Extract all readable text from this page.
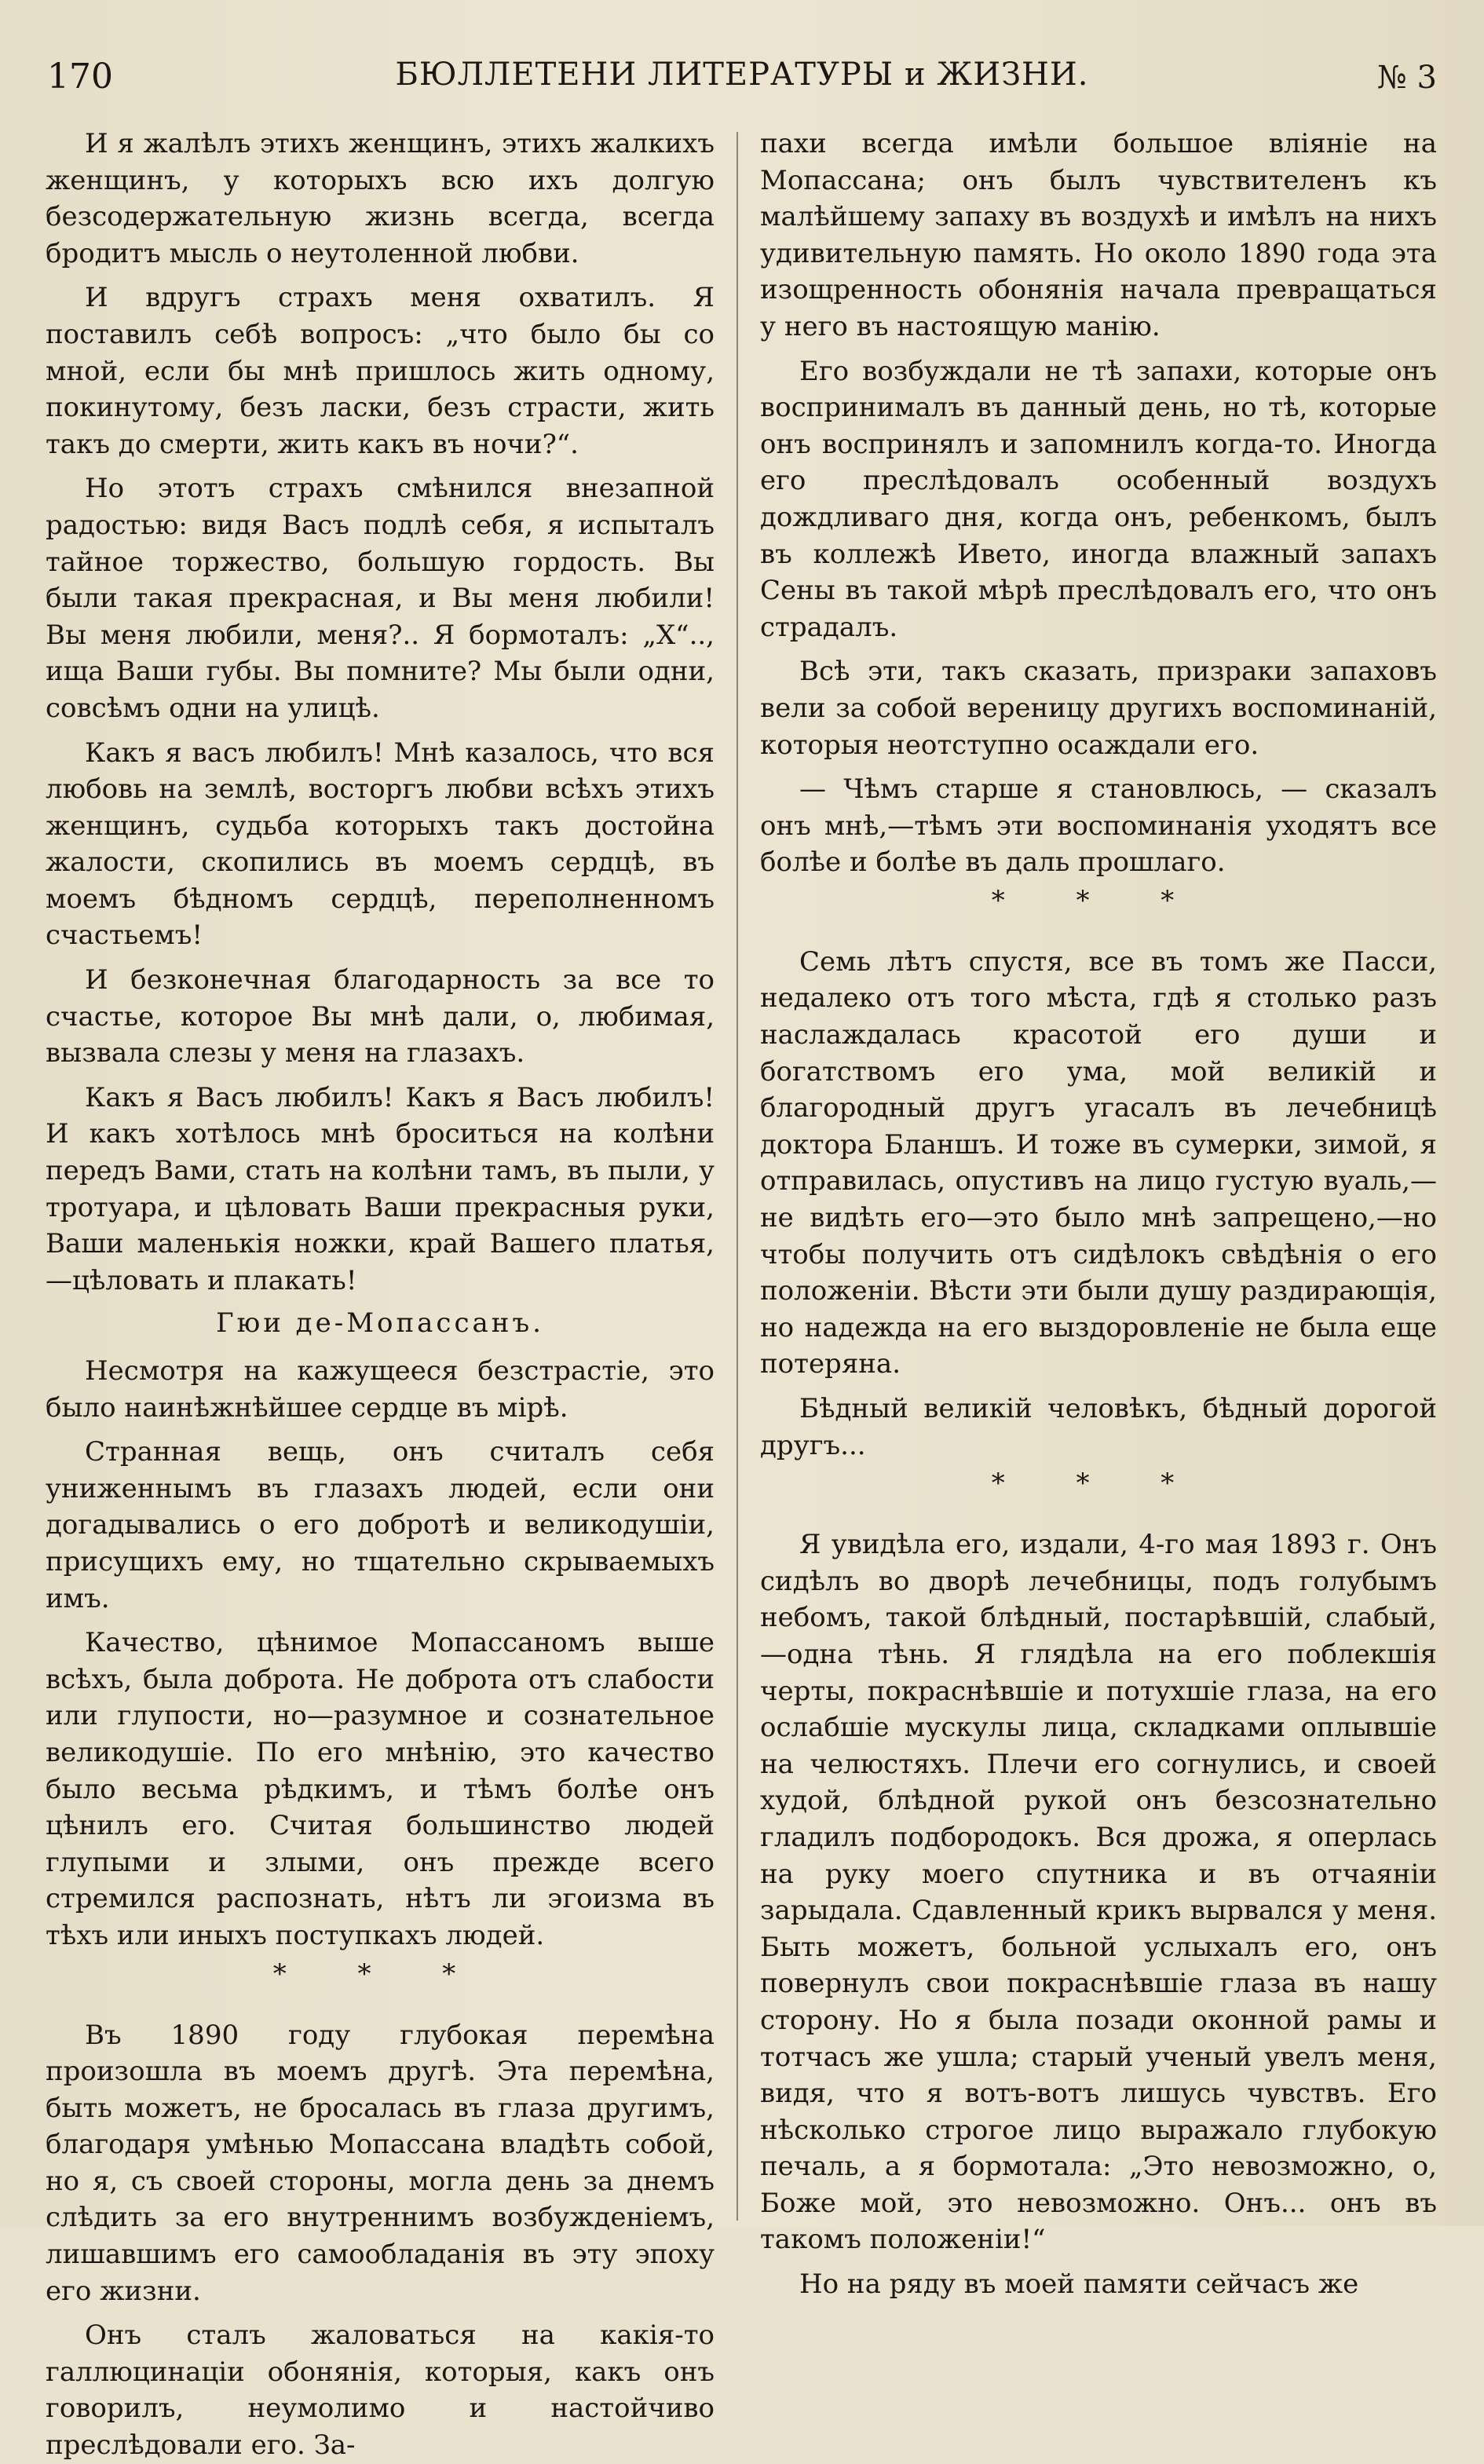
170	БЮЛЛЕТЕНИ ЛИТЕРАТУРЫ и ЖИЗНИ.	№ 3

И я жалѣлъ этихъ женщинъ, этихъ жалкихъ женщинъ, у которыхъ всю ихъ долгую безсодержательную жизнь всегда, всегда бродитъ мысль о неутоленной любви.

И вдругъ страхъ меня охватилъ. Я поставилъ себѣ вопросъ: „что было бы со мной, если бы мнѣ пришлось жить одному, покинутому, безъ ласки, безъ страсти, жить такъ до смерти, жить какъ въ ночи?“.

Но этотъ страхъ смѣнился внезапной радостью: видя Васъ подлѣ себя, я испыталъ тайное торжество, большую гордость. Вы были такая прекрасная, и Вы меня любили! Вы меня любили, меня?.. Я бормоталъ: „X“.., ища Ваши губы. Вы помните? Мы были одни, совсѣмъ одни на улицѣ.

Какъ я васъ любилъ! Мнѣ казалось, что вся любовь на землѣ, восторгъ любви всѣхъ этихъ женщинъ, судьба которыхъ такъ достойна жалости, скопились въ моемъ сердцѣ, въ моемъ бѣдномъ сердцѣ, переполненномъ счастьемъ!

И безконечная благодарность за все то счастье, которое Вы мнѣ дали, о, любимая, вызвала слезы у меня на глазахъ.

Какъ я Васъ любилъ! Какъ я Васъ любилъ! И какъ хотѣлось мнѣ броситься на колѣни передъ Вами, стать на колѣни тамъ, въ пыли, у тротуара, и цѣловать Ваши прекрасныя руки, Ваши маленькія ножки, край Вашего платья,—цѣловать и плакать!

Гюи де-Мопассанъ.

Несмотря на кажущееся безстрастіе, это было наинѣжнѣйшее сердце въ мірѣ.

Странная вещь, онъ считалъ себя униженнымъ въ глазахъ людей, если они догадывались о его добротѣ и великодушіи, присущихъ ему, но тщательно скрываемыхъ имъ.

Качество, цѣнимое Мопассаномъ выше всѣхъ, была доброта. Не доброта отъ слабости или глупости, но—разумное и сознательное великодушіе. По его мнѣнію, это качество было весьма рѣдкимъ, и тѣмъ болѣе онъ цѣнилъ его. Считая большинство людей глупыми и злыми, онъ прежде всего стремился распознать, нѣтъ ли эгоизма въ тѣхъ или иныхъ поступкахъ людей.

* * *

Въ 1890 году глубокая перемѣна произошла въ моемъ другѣ. Эта перемѣна, быть можетъ, не бросалась въ глаза другимъ, благодаря умѣнью Мопассана владѣть собой, но я, съ своей стороны, могла день за днемъ слѣдить за его внутреннимъ возбужденіемъ, лишавшимъ его самообладанія въ эту эпоху его жизни.

Онъ сталъ жаловаться на какія-то галлюцинаціи обонянія, которыя, какъ онъ говорилъ, неумолимо и настойчиво преслѣдовали его. За-

пахи всегда имѣли большое вліяніе на Мопассана; онъ былъ чувствителенъ къ малѣйшему запаху въ воздухѣ и имѣлъ на нихъ удивительную память. Но около 1890 года эта изощренность обонянія начала превращаться у него въ настоящую манію.

Его возбуждали не тѣ запахи, которые онъ воспринималъ въ данный день, но тѣ, которые онъ воспринялъ и запомнилъ когда-то. Иногда его преслѣдовалъ особенный воздухъ дождливаго дня, когда онъ, ребенкомъ, былъ въ коллежѣ Ивето, иногда влажный запахъ Сены въ такой мѣрѣ преслѣдовалъ его, что онъ страдалъ.

Всѣ эти, такъ сказать, призраки запаховъ вели за собой вереницу другихъ воспоминаній, которыя неотступно осаждали его.

— Чѣмъ старше я становлюсь, — сказалъ онъ мнѣ,—тѣмъ эти воспоминанія уходятъ все болѣе и болѣе въ даль прошлаго.

* * *

Семь лѣтъ спустя, все въ томъ же Пасси, недалеко отъ того мѣста, гдѣ я столько разъ наслаждалась красотой его души и богатствомъ его ума, мой великій и благородный другъ угасалъ въ лечебницѣ доктора Бланшъ. И тоже въ сумерки, зимой, я отправилась, опустивъ на лицо густую вуаль,—не видѣть его—это было мнѣ запрещено,—но чтобы получить отъ сидѣлокъ свѣдѣнія о его положеніи. Вѣсти эти были душу раздирающія, но надежда на его выздоровленіе не была еще потеряна.

Бѣдный великій человѣкъ, бѣдный дорогой другъ...

* * *

Я увидѣла его, издали, 4-го мая 1893 г. Онъ сидѣлъ во дворѣ лечебницы, подъ голубымъ небомъ, такой блѣдный, постарѣвшій, слабый,—одна тѣнь. Я глядѣла на его поблекшія черты, покраснѣвшіе и потухшіе глаза, на его ослабшіе мускулы лица, складками оплывшіе на челюстяхъ. Плечи его согнулись, и своей худой, блѣдной рукой онъ безсознательно гладилъ подбородокъ. Вся дрожа, я оперлась на руку моего спутника и въ отчаяніи зарыдала. Сдавленный крикъ вырвался у меня. Быть можетъ, больной услыхалъ его, онъ повернулъ свои покраснѣвшіе глаза въ нашу сторону. Но я была позади оконной рамы и тотчасъ же ушла; старый ученый увелъ меня, видя, что я вотъ-вотъ лишусь чувствъ. Его нѣсколько строгое лицо выражало глубокую печаль, а я бормотала: „Это невозможно, о, Боже мой, это невозможно. Онъ... онъ въ такомъ положеніи!“

Но на ряду въ моей памяти сейчасъ же
